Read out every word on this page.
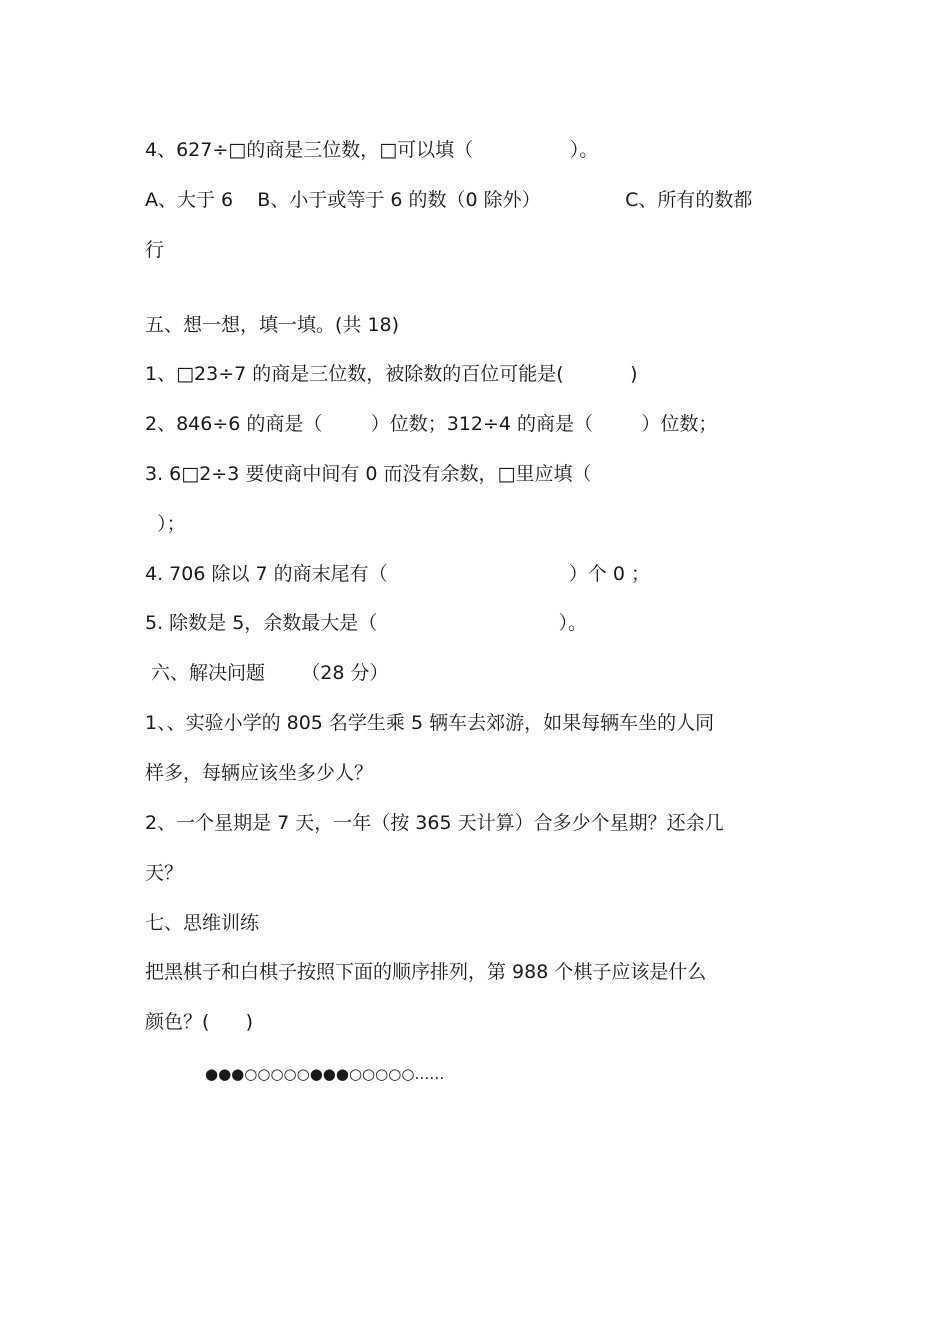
4、627÷□的商是三位数，□可以填（                ）。
A、大于 6    B、小于或等于 6 的数（0 除外）              C、所有的数都
行
五、想一想，填一填。(共 18)
1、□23÷7 的商是三位数，被除数的百位可能是(           )
2、846÷6 的商是（        ）位数；312÷4 的商是（        ）位数；
3. 6□2÷3 要使商中间有 0 而没有余数，□里应填（
）；
4. 706 除以 7 的商末尾有（                              ）个 0 ；
5. 除数是 5，余数最大是（                              ）。
六、解决问题      （28 分）
1、、实验小学的 805 名学生乘 5 辆车去郊游，如果每辆车坐的人同
样多，每辆应该坐多少人？
2、一个星期是 7 天，一年（按 365 天计算）合多少个星期？还余几
天？
七、思维训练
把黑棋子和白棋子按照下面的顺序排列，第 988 个棋子应该是什么
颜色？(      )
●●●○○○○○●●●○○○○○……
